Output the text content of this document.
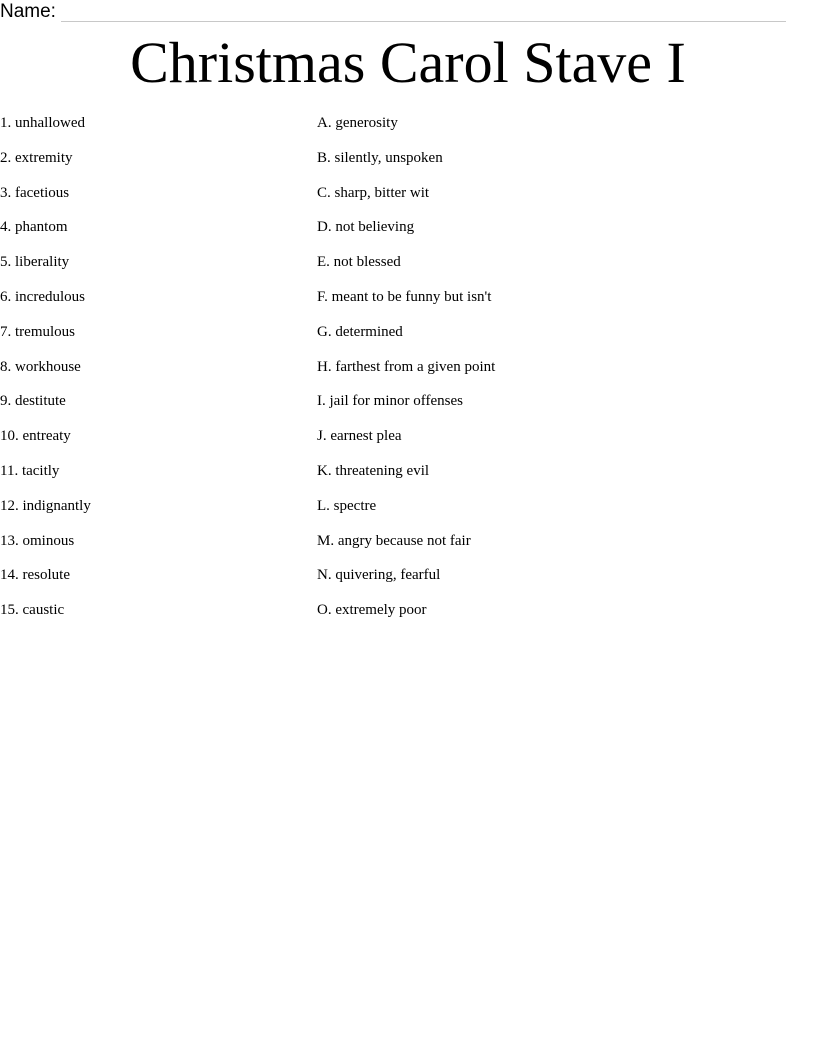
Name:
Christmas Carol Stave I
1. unhallowed	A. generosity
2. extremity	B. silently, unspoken
3. facetious	C. sharp, bitter wit
4. phantom	D. not believing
5. liberality	E. not blessed
6. incredulous	F. meant to be funny but isn't
7. tremulous	G. determined
8. workhouse	H. farthest from a given point
9. destitute	I. jail for minor offenses
10. entreaty	J. earnest plea
11. tacitly	K. threatening evil
12. indignantly	L. spectre
13. ominous	M. angry because not fair
14. resolute	N. quivering, fearful
15. caustic	O. extremely poor
